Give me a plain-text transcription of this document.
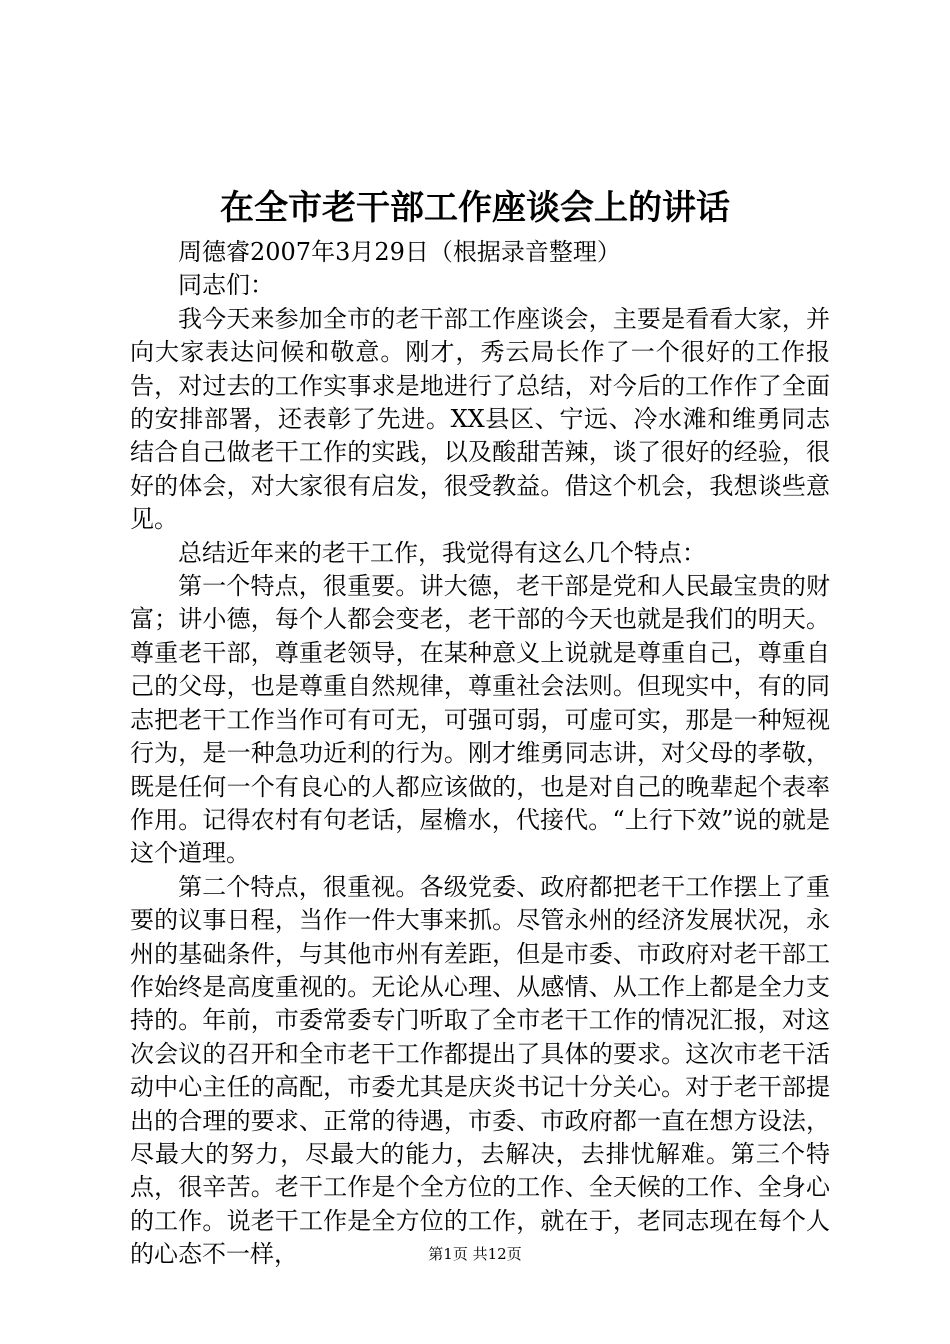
在全市老干部工作座谈会上的讲话

周德睿2007年3月29日（根据录音整理）

同志们：

我今天来参加全市的老干部工作座谈会，主要是看看大家，并向大家表达问候和敬意。刚才，秀云局长作了一个很好的工作报告，对过去的工作实事求是地进行了总结，对今后的工作作了全面的安排部署，还表彰了先进。XX县区、宁远、冷水滩和维勇同志结合自己做老干工作的实践，以及酸甜苦辣，谈了很好的经验，很好的体会，对大家很有启发，很受教益。借这个机会，我想谈些意见。

总结近年来的老干工作，我觉得有这么几个特点：

第一个特点，很重要。讲大德，老干部是党和人民最宝贵的财富；讲小德，每个人都会变老，老干部的今天也就是我们的明天。尊重老干部，尊重老领导，在某种意义上说就是尊重自己，尊重自己的父母，也是尊重自然规律，尊重社会法则。但现实中，有的同志把老干工作当作可有可无，可强可弱，可虚可实，那是一种短视行为，是一种急功近利的行为。刚才维勇同志讲，对父母的孝敬，既是任何一个有良心的人都应该做的，也是对自己的晚辈起个表率作用。记得农村有句老话，屋檐水，代接代。“上行下效”说的就是这个道理。

第二个特点，很重视。各级党委、政府都把老干工作摆上了重要的议事日程，当作一件大事来抓。尽管永州的经济发展状况，永州的基础条件，与其他市州有差距，但是市委、市政府对老干部工作始终是高度重视的。无论从心理、从感情、从工作上都是全力支持的。年前，市委常委专门听取了全市老干工作的情况汇报，对这次会议的召开和全市老干工作都提出了具体的要求。这次市老干活动中心主任的高配，市委尤其是庆炎书记十分关心。对于老干部提出的合理的要求、正常的待遇，市委、市政府都一直在想方设法，尽最大的努力，尽最大的能力，去解决，去排忧解难。第三个特点，很辛苦。老干工作是个全方位的工作、全天候的工作、全身心的工作。说老干工作是全方位的工作，就在于，老同志现在每个人的心态不一样，	第1页 共12页
